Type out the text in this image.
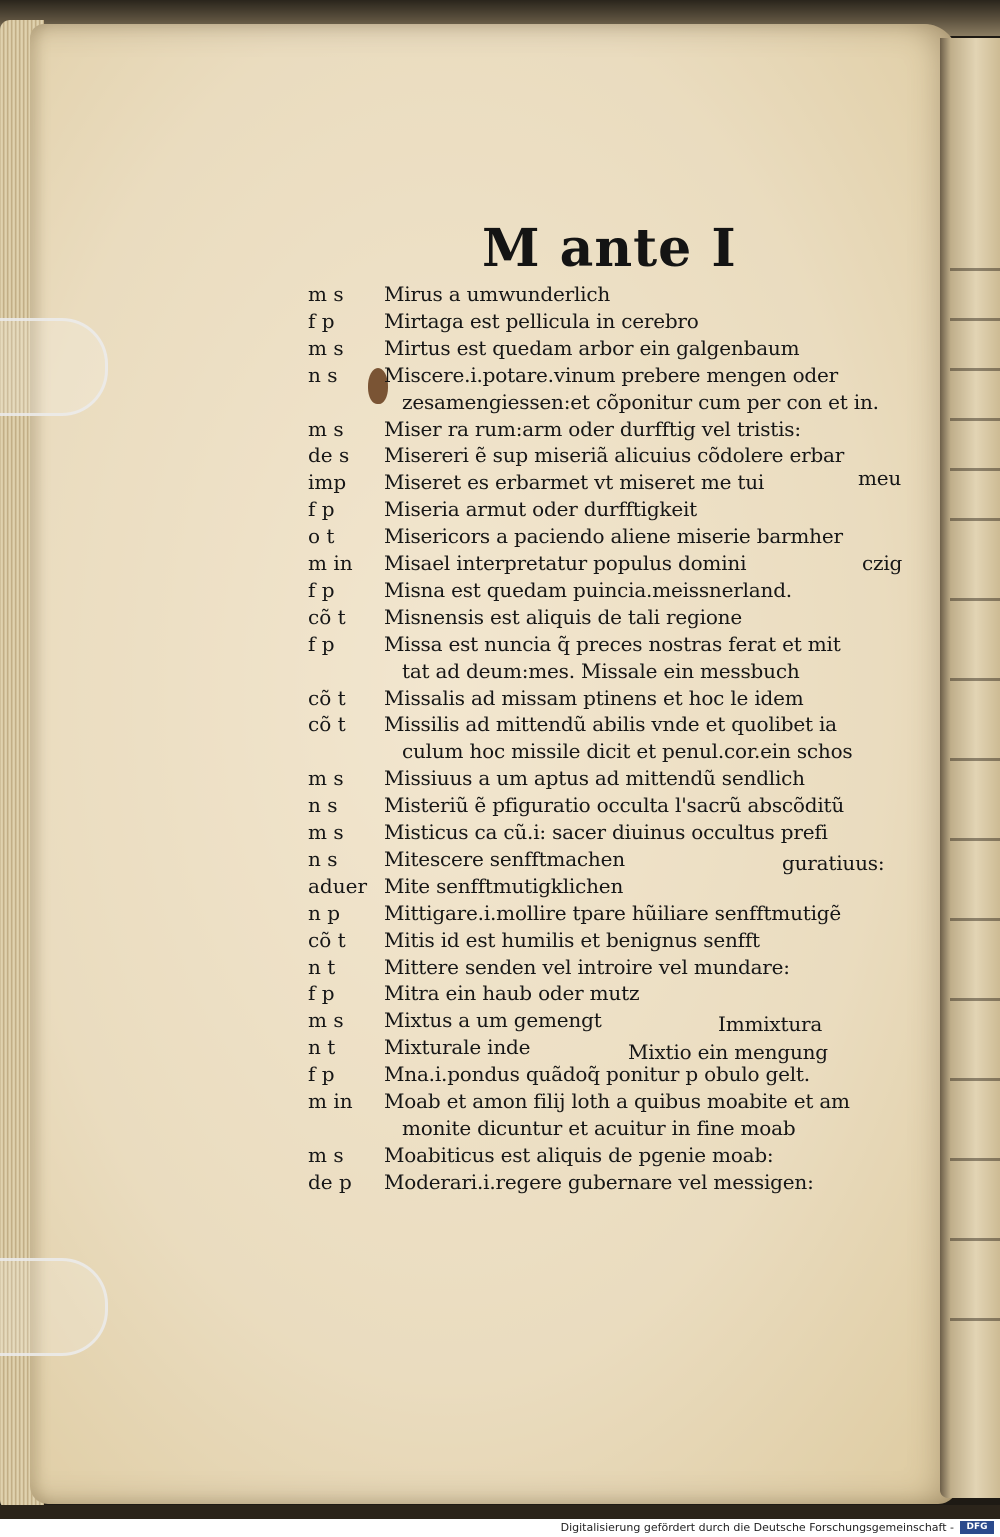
M ante I
m s	Mirus a umwunderlich
f p	Mirtaga est pellicula in cerebro
m s	Mirtus est quedam arbor ein galgenbaum
n s	Miscere.i.potare.vinum prebere mengen oder
zesamengiessen:et cõponitur cum per con et in.
m s	Miser ra rum:arm oder durfftig vel tristis:
de s	Misereri ẽ sup miseriã alicuius cõdolere erbar
imp	Miseret es erbarmet vt miseret me tui
f p	Miseria armut oder durfftigkeit
o t	Misericors a paciendo aliene miserie barmher
m in	Misael interpretatur populus domini
f p	Misna est quedam puincia.meissnerland.
cõ t	Misnensis est aliquis de tali regione
f p	Missa est nuncia q̃ preces nostras ferat et mit
tat ad deum:mes. Missale ein messbuch
cõ t	Missalis ad missam ptinens et hoc le idem
cõ t	Missilis ad mittendũ abilis vnde et quolibet ia
culum hoc missile dicit et penul.cor.ein schos
m s	Missiuus a um aptus ad mittendũ sendlich
n s	Misteriũ ẽ pfiguratio occulta l'sacrũ abscõditũ
m s	Misticus ca cũ.i: sacer diuinus occultus prefi
n s	Mitescere senfftmachen
aduer Mite senfftmutigklichen
n p	Mittigare.i.mollire tpare hũiliare senfftmutigẽ
cõ t	Mitis id est humilis et benignus senfft
n t	Mittere senden vel introire vel mundare:
f p	Mitra ein haub oder mutz
m s	Mixtus a um gemengt
n t	Mixturale inde
f p	Mna.i.pondus quãdoq̃ ponitur p obulo gelt.
m in	Moab et amon filij loth a quibus moabite et am
monite dicuntur et acuitur in fine moab
m s	Moabiticus est aliquis de pgenie moab:
de p	Moderari.i.regere gubernare vel messigen:
meu
czig
guratiuus:
Immixtura
Mixtio ein mengung
Digitalisierung gefördert durch die Deutsche Forschungsgemeinschaft -	DFG
